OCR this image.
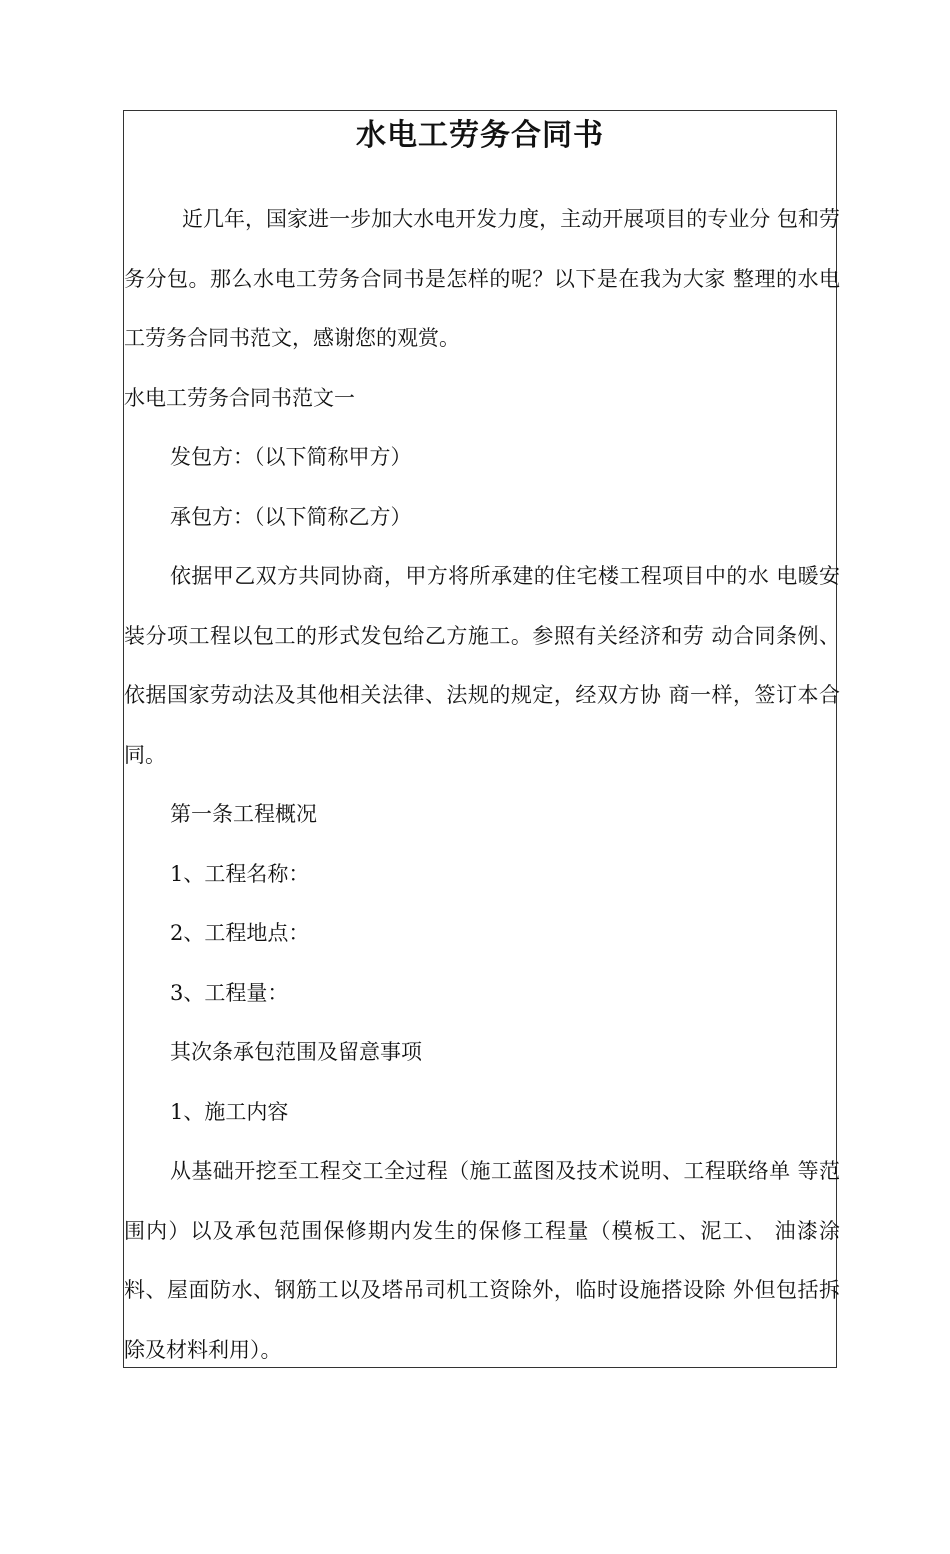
水电工劳务合同书

近几年，国家进一步加大水电开发力度，主动开展项目的专业分 包和劳务分包。那么水电工劳务合同书是怎样的呢？以下是在我为大家 整理的水电工劳务合同书范文，感谢您的观赏。

水电工劳务合同书范文一

发包方：（以下简称甲方）

承包方：（以下简称乙方）

依据甲乙双方共同协商，甲方将所承建的住宅楼工程项目中的水 电暖安装分项工程以包工的形式发包给乙方施工。参照有关经济和劳 动合同条例、依据国家劳动法及其他相关法律、法规的规定，经双方协 商一样，签订本合同。

第一条工程概况

1、工程名称：

2、工程地点：

3、工程量：

其次条承包范围及留意事项

1、施工内容

从基础开挖至工程交工全过程（施工蓝图及技术说明、工程联络单 等范围内）以及承包范围保修期内发生的保修工程量（模板工、泥工、 油漆涂料、屋面防水、钢筋工以及塔吊司机工资除外，临时设施搭设除 外但包括拆除及材料利用）。
